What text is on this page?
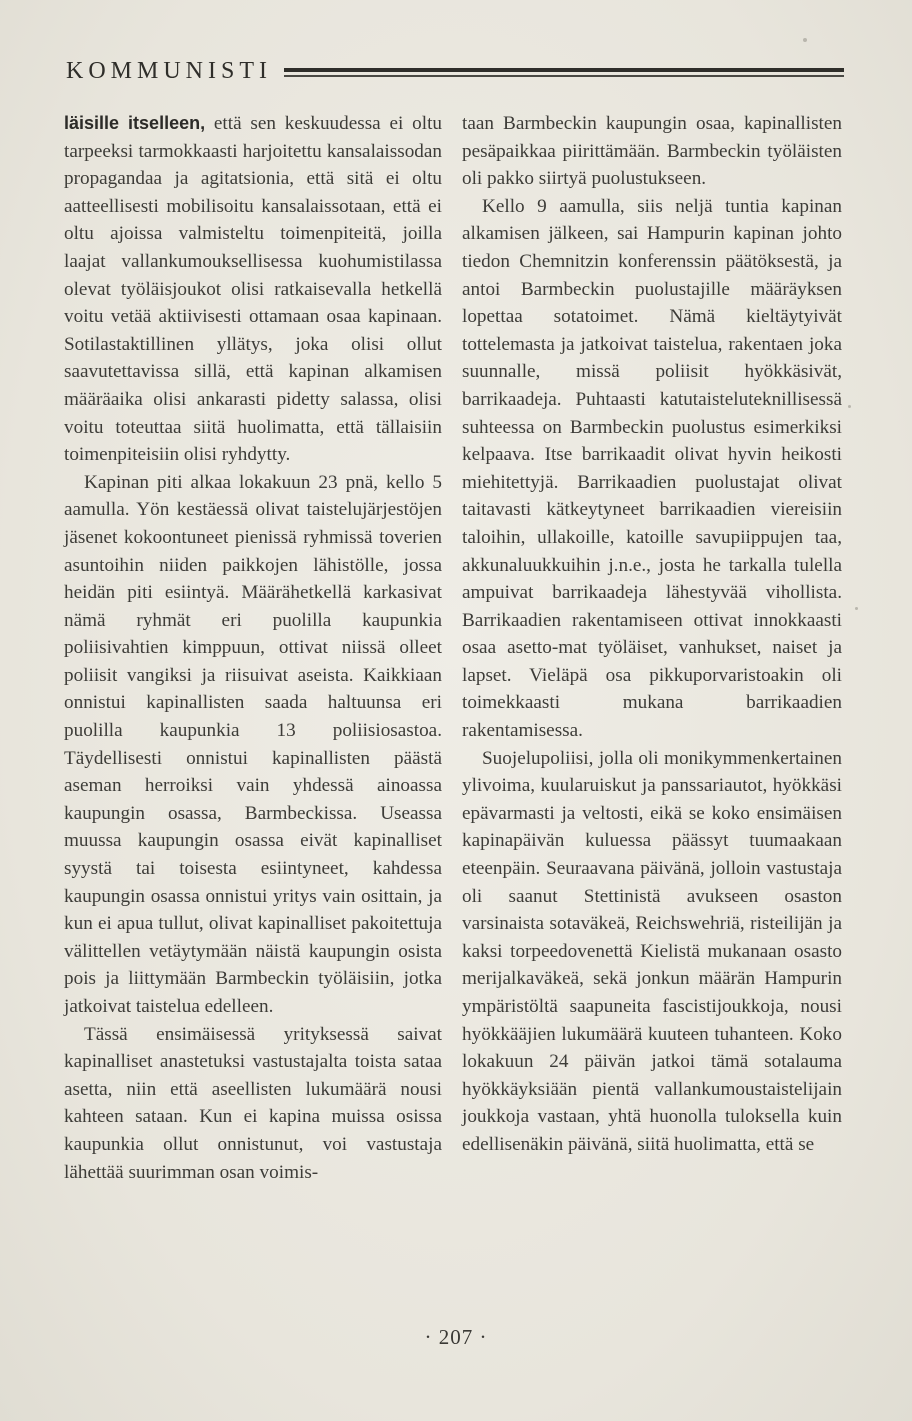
KOMMUNISTI

läisille itselleen, että sen keskuudessa ei oltu tarpeeksi tarmokkaasti harjoitettu kansalaissodan propagandaa ja agitatsionia, että sitä ei oltu aatteellisesti mobilisoitu kansalaissotaan, että ei oltu ajoissa valmisteltu toimenpiteitä, joilla laajat vallankumouksellisessa kuohumistilassa olevat työläisjoukot olisi ratkaisevalla hetkellä voitu vetää aktiivisesti ottamaan osaa kapinaan. Sotilastaktillinen yllätys, joka olisi ollut saavutettavissa sillä, että kapinan alkamisen määräaika olisi ankarasti pidetty salassa, olisi voitu toteuttaa siitä huolimatta, että tällaisiin toimenpiteisiin olisi ryhdytty.

Kapinan piti alkaa lokakuun 23 pnä, kello 5 aamulla. Yön kestäessä olivat taistelujärjestöjen jäsenet kokoontuneet pienissä ryhmissä toverien asuntoihin niiden paikkojen lähistölle, jossa heidän piti esiintyä. Määrähetkellä karkasivat nämä ryhmät eri puolilla kaupunkia poliisivahtien kimppuun, ottivat niissä olleet poliisit vangiksi ja riisuivat aseista. Kaikkiaan onnistui kapinallisten saada haltuunsa eri puolilla kaupunkia 13 poliisiosastoa. Täydellisesti onnistui kapinallisten päästä aseman herroiksi vain yhdessä ainoassa kaupungin osassa, Barmbeckissa. Useassa muussa kaupungin osassa eivät kapinalliset syystä tai toisesta esiintyneet, kahdessa kaupungin osassa onnistui yritys vain osittain, ja kun ei apua tullut, olivat kapinalliset pakoitettuja välittellen vetäytymään näistä kaupungin osista pois ja liittymään Barmbeckin työläisiin, jotka jatkoivat taistelua edelleen.

Tässä ensimäisessä yrityksessä saivat kapinalliset anastetuksi vastustajalta toista sataa asetta, niin että aseellisten lukumäärä nousi kahteen sataan. Kun ei kapina muissa osissa kaupunkia ollut onnistunut, voi vastustaja lähettää suurimman osan voimis-

taan Barmbeckin kaupungin osaa, kapinallisten pesäpaikkaa piirittämään. Barmbeckin työläisten oli pakko siirtyä puolustukseen.

Kello 9 aamulla, siis neljä tuntia kapinan alkamisen jälkeen, sai Hampurin kapinan johto tiedon Chemnitzin konferenssin päätöksestä, ja antoi Barmbeckin puolustajille määräyksen lopettaa sotatoimet. Nämä kieltäytyivät tottelemasta ja jatkoivat taistelua, rakentaen joka suunnalle, missä poliisit hyökkäsivät, barrikaadeja. Puhtaasti katutaisteluteknillisessä suhteessa on Barmbeckin puolustus esimerkiksi kelpaava. Itse barrikaadit olivat hyvin heikosti miehitettyjä. Barrikaadien puolustajat olivat taitavasti kätkeytyneet barrikaadien viereisiin taloihin, ullakoille, katoille savupiippujen taa, akkunaluukkuihin j.n.e., josta he tarkalla tulella ampuivat barrikaadeja lähestyvää vihollista. Barrikaadien rakentamiseen ottivat innokkaasti osaa asetto-mat työläiset, vanhukset, naiset ja lapset. Vieläpä osa pikkuporvaristoakin oli toimekkaasti mukana barrikaadien rakentamisessa.

Suojelupoliisi, jolla oli monikymmenkertainen ylivoima, kuularuiskut ja panssariautot, hyökkäsi epävarmasti ja veltosti, eikä se koko ensimäisen kapinapäivän kuluessa päässyt tuumaakaan eteenpäin. Seuraavana päivänä, jolloin vastustaja oli saanut Stettinistä avukseen osaston varsinaista sotaväkeä, Reichswehriä, risteilijän ja kaksi torpeedovenettä Kielistä mukanaan osasto merijalkaväkeä, sekä jonkun määrän Hampurin ympäristöltä saapuneita fascistijoukkoja, nousi hyökkääjien lukumäärä kuuteen tuhanteen. Koko lokakuun 24 päivän jatkoi tämä sotalauma hyökkäyksiään pientä vallankumoustaistelijain joukkoja vastaan, yhtä huonolla tuloksella kuin edellisenäkin päivänä, siitä huolimatta, että se

· 207 ·
